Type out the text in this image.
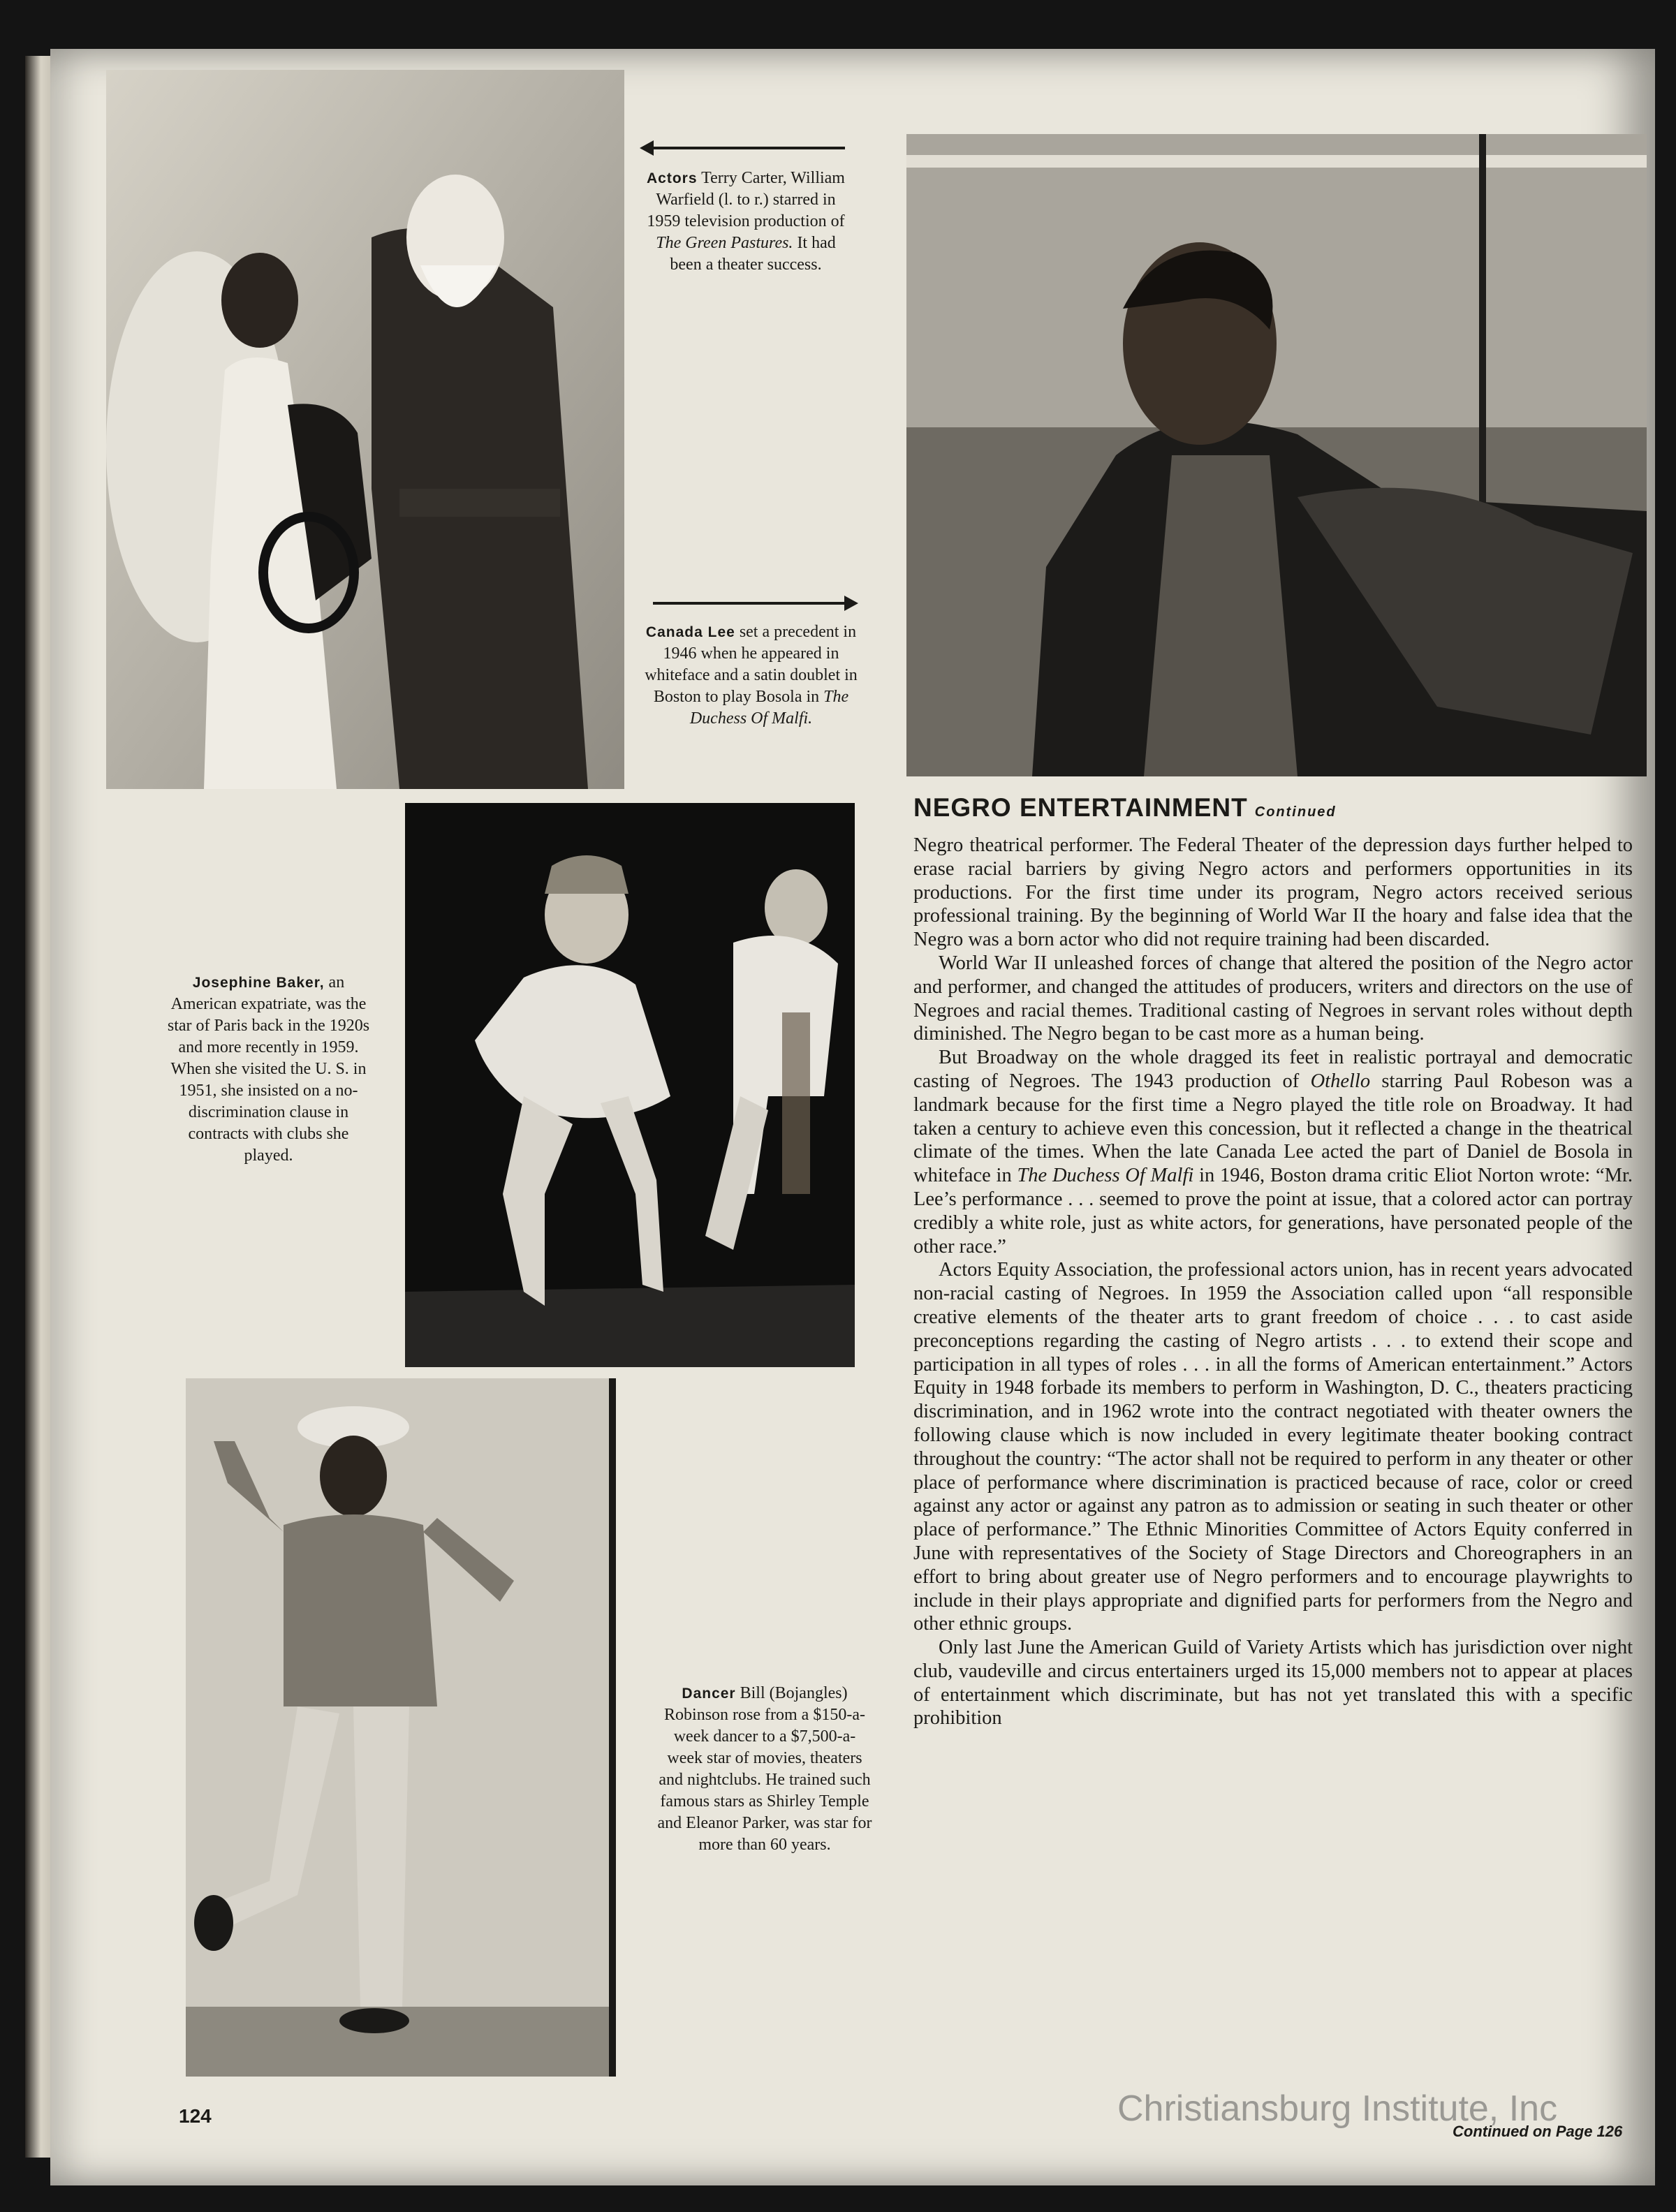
Actors Terry Carter, William Warfield (l. to r.) starred in 1959 television production of The Green Pastures. It had been a theater success.
Canada Lee set a precedent in 1946 when he appeared in whiteface and a satin doublet in Boston to play Bosola in The Duchess Of Malfi.
NEGRO ENTERTAINMENT Continued
Josephine Baker, an American expatriate, was the star of Paris back in the 1920s and more recently in 1959. When she visited the U. S. in 1951, she insisted on a no-discrimination clause in contracts with clubs she played.
Dancer Bill (Bojangles) Robinson rose from a $150-a-week dancer to a $7,500-a-week star of movies, theaters and nightclubs. He trained such famous stars as Shirley Temple and Eleanor Parker, was star for more than 60 years.

Negro theatrical performer. The Federal Theater of the depression days further helped to erase racial barriers by giving Negro actors and performers opportunities in its productions. For the first time under its program, Negro actors received serious professional training. By the beginning of World War II the hoary and false idea that the Negro was a born actor who did not require training had been discarded.

World War II unleashed forces of change that altered the position of the Negro actor and performer, and changed the attitudes of producers, writers and directors on the use of Negroes and racial themes. Traditional casting of Negroes in servant roles without depth diminished. The Negro began to be cast more as a human being.

But Broadway on the whole dragged its feet in realistic portrayal and democratic casting of Negroes. The 1943 production of Othello starring Paul Robeson was a landmark because for the first time a Negro played the title role on Broadway. It had taken a century to achieve even this concession, but it reflected a change in the theatrical climate of the times. When the late Canada Lee acted the part of Daniel de Bosola in whiteface in The Duchess Of Malfi in 1946, Boston drama critic Eliot Norton wrote: “Mr. Lee’s performance . . . seemed to prove the point at issue, that a colored actor can portray credibly a white role, just as white actors, for generations, have personated people of the other race.”

Actors Equity Association, the professional actors union, has in recent years advocated non-racial casting of Negroes. In 1959 the Association called upon “all responsible creative elements of the theater arts to grant freedom of choice . . . to cast aside preconceptions regarding the casting of Negro artists . . . to extend their scope and participation in all types of roles . . . in all the forms of American entertainment.” Actors Equity in 1948 forbade its members to perform in Washington, D. C., theaters practicing discrimination, and in 1962 wrote into the contract negotiated with theater owners the following clause which is now included in every legitimate theater booking contract throughout the country: “The actor shall not be required to perform in any theater or other place of performance where discrimination is practiced because of race, color or creed against any actor or against any patron as to admission or seating in such theater or other place of performance.” The Ethnic Minorities Committee of Actors Equity conferred in June with representatives of the Society of Stage Directors and Choreographers in an effort to bring about greater use of Negro performers and to encourage playwrights to include in their plays appropriate and dignified parts for performers from the Negro and other ethnic groups.

Only last June the American Guild of Variety Artists which has jurisdiction over night club, vaudeville and circus entertainers urged its 15,000 members not to appear at places of entertainment which discriminate, but has not yet translated this with a specific prohibition

124
Continued on Page 126
Christiansburg Institute, Inc
